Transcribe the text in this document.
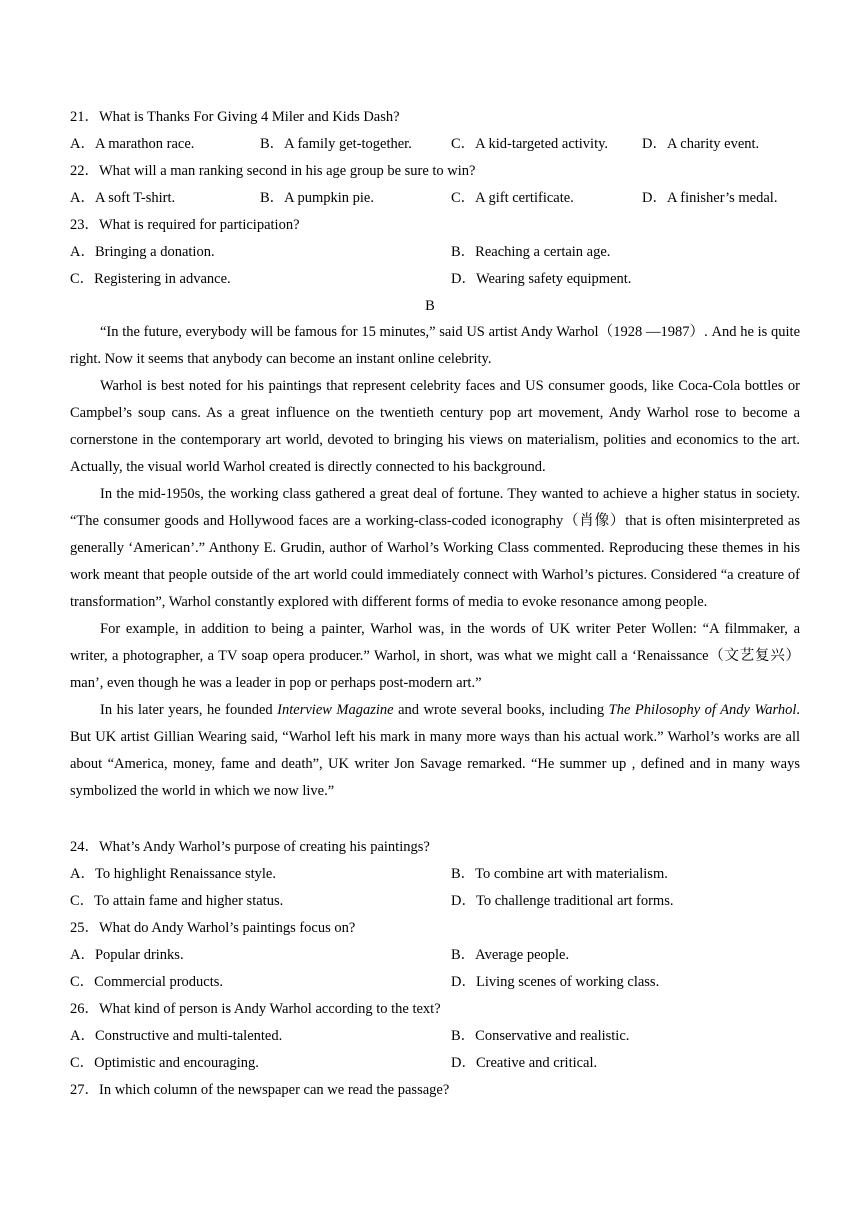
21．What is Thanks For Giving 4 Miler and Kids Dash?
A．A marathon race.	B．A family get-together.	C．A kid-targeted activity. D．A charity event.
22．What will a man ranking second in his age group be sure to win?
A．A soft T-shirt.	B．A pumpkin pie.	C．A gift certificate.	D．A finisher’s medal.
23．What is required for participation?
A．Bringing a donation.	B．Reaching a certain age.
C．Registering in advance.	D．Wearing safety equipment.
B

“In the future, everybody will be famous for 15 minutes,” said US artist Andy Warhol（1928 —1987）. And he is quite right. Now it seems that anybody can become an instant online celebrity.

Warhol is best noted for his paintings that represent celebrity faces and US consumer goods, like Coca-Cola bottles or Campbel’s soup cans. As a great influence on the twentieth century pop art movement, Andy Warhol rose to become a cornerstone in the contemporary art world, devoted to bringing his views on materialism, polities and economics to the art. Actually, the visual world Warhol created is directly connected to his background.

In the mid-1950s, the working class gathered a great deal of fortune. They wanted to achieve a higher status in society. “The consumer goods and Hollywood faces are a working-class-coded iconography（肖像）that is often misinterpreted as generally ‘American’.” Anthony E. Grudin, author of Warhol’s Working Class commented. Reproducing these themes in his work meant that people outside of the art world could immediately connect with Warhol’s pictures. Considered “a creature of transformation”, Warhol constantly explored with different forms of media to evoke resonance among people.

For example, in addition to being a painter, Warhol was, in the words of UK writer Peter Wollen: “A filmmaker, a writer, a photographer, a TV soap opera producer.” Warhol, in short, was what we might call a ‘Renaissance（文艺复兴） man’, even though he was a leader in pop or perhaps post-modern art.”

In his later years, he founded Interview Magazine and wrote several books, including The Philosophy of Andy Warhol. But UK artist Gillian Wearing said, “Warhol left his mark in many more ways than his actual work.” Warhol’s works are all about “America, money, fame and death”, UK writer Jon Savage remarked. “He summer up , defined and in many ways symbolized the world in which we now live.”

24．What’s Andy Warhol’s purpose of creating his paintings?
A．To highlight Renaissance style.	B．To combine art with materialism.
C．To attain fame and higher status.	D．To challenge traditional art forms.
25．What do Andy Warhol’s paintings focus on?
A．Popular drinks.	B．Average people.
C．Commercial products.	D．Living scenes of working class.
26．What kind of person is Andy Warhol according to the text?
A．Constructive and multi-talented.	B．Conservative and realistic.
C．Optimistic and encouraging.	D．Creative and critical.
27．In which column of the newspaper can we read the passage?
